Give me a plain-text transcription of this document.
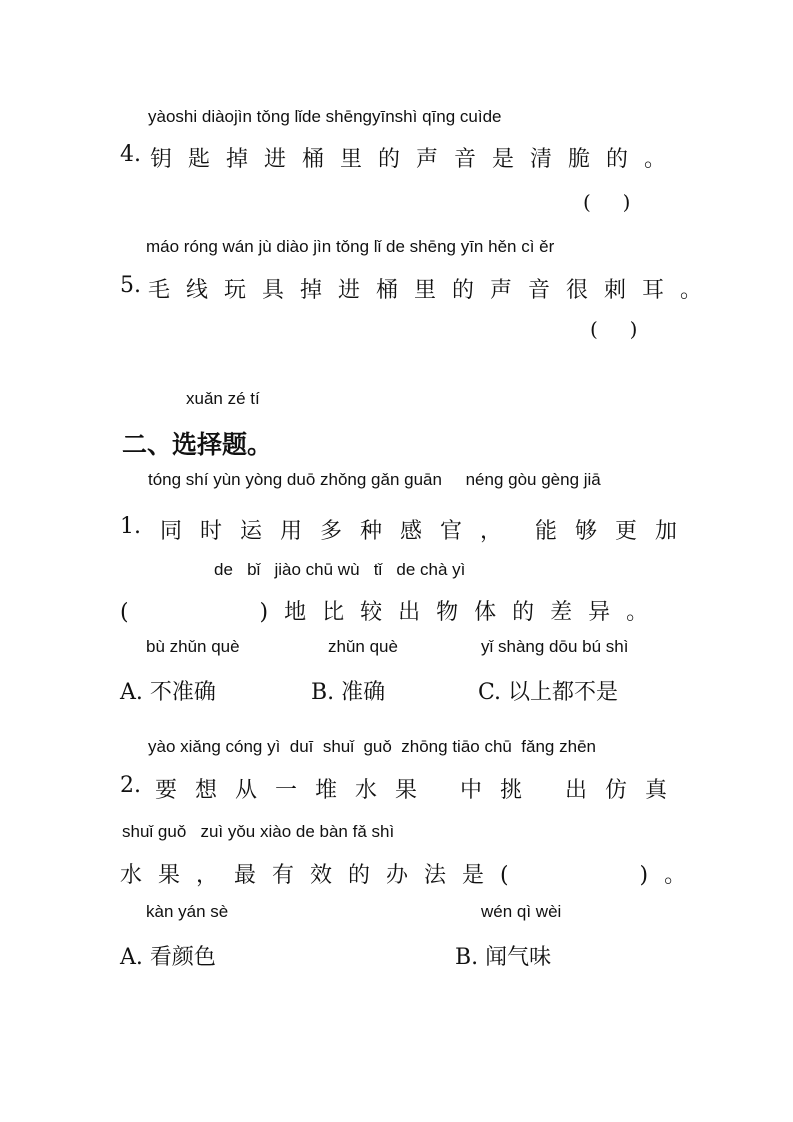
yàoshi diàojìn tǒng lǐde shēngyīnshì qīng cuìde
4. 钥匙掉进桶里的声音是清脆的。
(     )
máo róng wán jù diào jìn tǒng lǐ de shēng yīn hěn cì ěr
5. 毛线玩具掉进桶里的声音很刺耳。
(     )
xuǎn zé tí
二、选择题。
tóng shí yùn yòng duō zhǒng gǎn guān     néng gòu gèng jiā
1. 同时运用多种感官， 能够更加
de   bǐ   jiào chū wù   tǐ   de chà yì
(     )地比较出物体的差异。
bù zhǔn què	zhǔn què	yǐ shàng dōu bú shì
A. 不准确	B. 准确	C. 以上都不是
yào xiǎng cóng yì  duī  shuǐ  guǒ  zhōng tiāo chū  fǎng zhēn
2. 要想从一堆水果 中挑 出仿真
shuǐ guǒ   zuì yǒu xiào de bàn fǎ shì
水果，最有效的办法是(     )。
kàn yán sè	wén qì wèi
A. 看颜色	B. 闻气味
